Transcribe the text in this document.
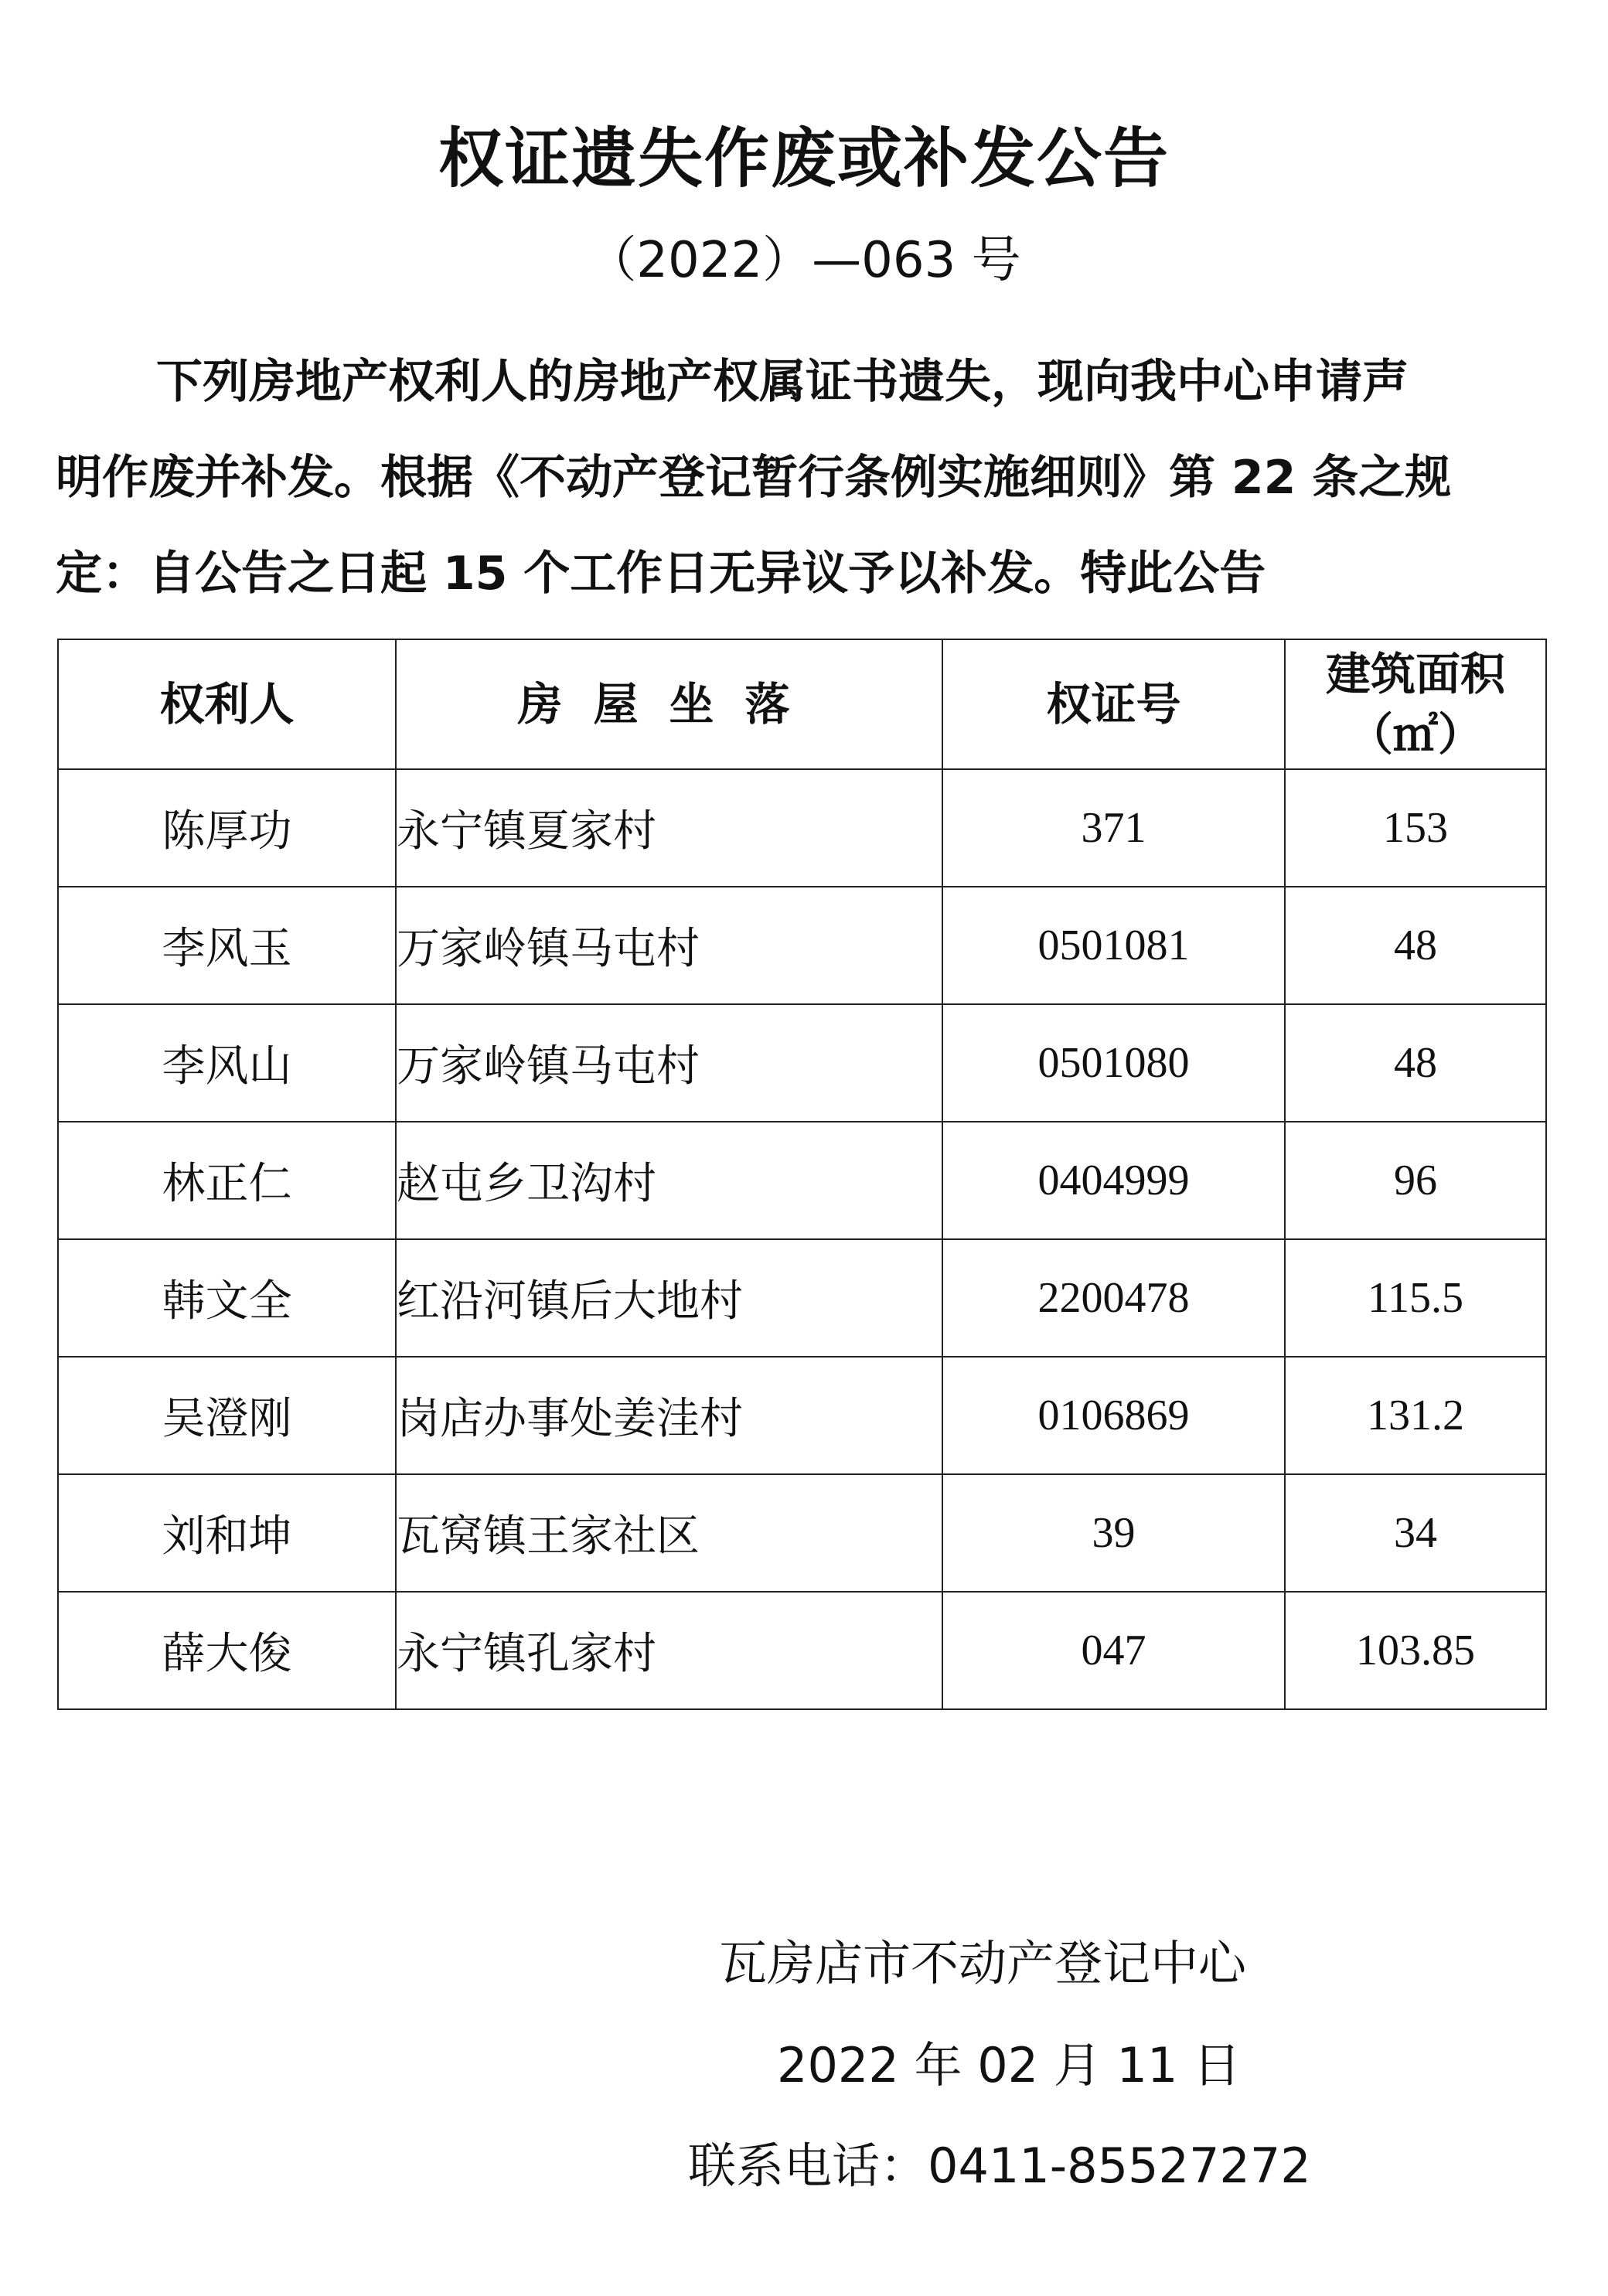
权证遗失作废或补发公告
（2022）—063 号
下列房地产权利人的房地产权属证书遗失，现向我中心申请声
明作废并补发。根据《不动产登记暂行条例实施细则》第 22 条之规
定：自公告之日起 15 个工作日无异议予以补发。特此公告
权利人	房屋坐落	权证号	建筑面积
（㎡）

陈厚功	永宁镇夏家村	371	153
李风玉	万家岭镇马屯村	0501081	48
李风山	万家岭镇马屯村	0501080	48
林正仁	赵屯乡卫沟村	0404999	96
韩文全	红沿河镇后大地村	2200478	115.5
吴澄刚	岗店办事处姜洼村	0106869	131.2
刘和坤	瓦窝镇王家社区	39	34
薛大俊	永宁镇孔家村	047	103.85
瓦房店市不动产登记中心
2022 年 02 月 11 日
联系电话：0411-85527272
